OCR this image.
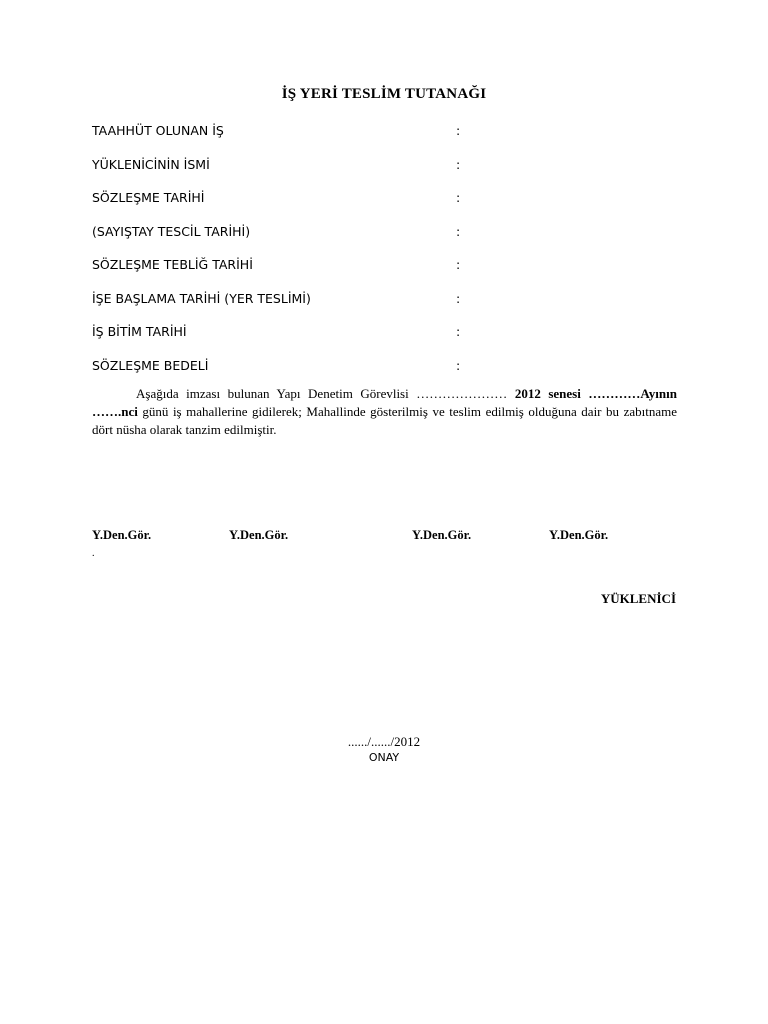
İŞ YERİ TESLİM TUTANAĞI
TAAHHÜT OLUNAN İŞ	:
YÜKLENİCİNİN İSMİ	:
SÖZLEŞME TARİHİ	:
(SAYIŞTAY TESCİL TARİHİ)	:
SÖZLEŞME TEBLİĞ TARİHİ	:
İŞE BAŞLAMA TARİHİ (YER TESLİMİ)	:
İŞ BİTİM TARİHİ	:
SÖZLEŞME BEDELİ	:
Aşağıda imzası bulunan Yapı Denetim Görevlisi ………………… 2012 senesi …………Ayının …….nci günü iş mahallerine gidilerek; Mahallinde gösterilmiş ve teslim edilmiş olduğuna dair bu zabıtname dört nüsha olarak tanzim edilmiştir.
Y.Den.Gör.	Y.Den.Gör.	Y.Den.Gör.	Y.Den.Gör.
.
YÜKLENİCİ
....../....../2012
ONAY
